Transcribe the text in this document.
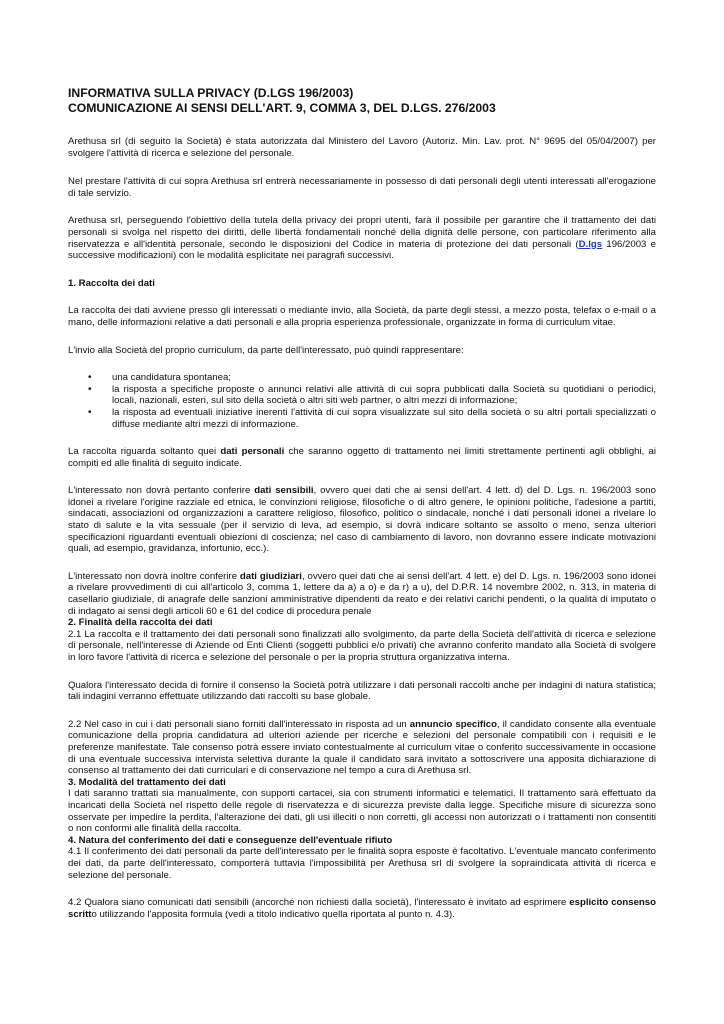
INFORMATIVA SULLA PRIVACY (D.LGS 196/2003)
COMUNICAZIONE AI SENSI DELL'ART. 9, COMMA 3, DEL D.LGS. 276/2003

Arethusa srl (di seguito la Società) è stata autorizzata dal Ministero del Lavoro (Autoriz. Min. Lav. prot. N° 9695 del 05/04/2007) per svolgere l'attività di ricerca e selezione del personale.

Nel prestare l'attività di cui sopra Arethusa srl entrerà necessariamente in possesso di dati personali degli utenti interessati all'erogazione di tale servizio.

Arethusa srl, perseguendo l'obiettivo della tutela della privacy dei propri utenti, farà il possibile per garantire che il trattamento dei dati personali si svolga nel rispetto dei diritti, delle libertà fondamentali nonché della dignità delle persone, con particolare riferimento alla riservatezza e all'identità personale, secondo le disposizioni del Codice in materia di protezione dei dati personali (D.lgs 196/2003 e successive modificazioni) con le modalità esplicitate nei paragrafi successivi.

1. Raccolta dei dati

La raccolta dei dati avviene presso gli interessati o mediante invio, alla Società, da parte degli stessi, a mezzo posta, telefax o e-mail o a mano, delle informazioni relative a dati personali e alla propria esperienza professionale, organizzate in forma di curriculum vitae.

L'invio alla Società del proprio curriculum, da parte dell'interessato, può quindi rappresentare:

• una candidatura spontanea;
• la risposta a specifiche proposte o annunci relativi alle attività di cui sopra pubblicati dalla Società su quotidiani o periodici, locali, nazionali, esteri, sul sito della società o altri siti web partner, o altri mezzi di informazione;
• la risposta ad eventuali iniziative inerenti l'attività di cui sopra visualizzate sul sito della società o su altri portali specializzati o diffuse mediante altri mezzi di informazione.

La raccolta riguarda soltanto quei dati personali che saranno oggetto di trattamento nei limiti strettamente pertinenti agli obblighi, ai compiti ed alle finalità di seguito indicate.

L'interessato non dovrà pertanto conferire dati sensibili, ovvero quei dati che ai sensi dell'art. 4 lett. d) del D. Lgs. n. 196/2003 sono idonei a rivelare l'origine razziale ed etnica, le convinzioni religiose, filosofiche o di altro genere, le opinioni politiche, l'adesione a partiti, sindacati, associazioni od organizzazioni a carattere religioso, filosofico, politico o sindacale, nonché i dati personali idonei a rivelare lo stato di salute e la vita sessuale (per il servizio di leva, ad esempio, si dovrà indicare soltanto se assolto o meno, senza ulteriori specificazioni riguardanti eventuali obiezioni di coscienza; nel caso di cambiamento di lavoro, non dovranno essere indicate motivazioni quali, ad esempio, gravidanza, infortunio, ecc.).

L'interessato non dovrà inoltre conferire dati giudiziari, ovvero quei dati che ai sensi dell'art. 4 lett. e) del D. Lgs. n. 196/2003 sono idonei a rivelare provvedimenti di cui all'articolo 3, comma 1, lettere da a) a o) e da r) a u), del D.P.R. 14 novembre 2002, n. 313, in materia di casellario giudiziale, di anagrafe delle sanzioni amministrative dipendenti da reato e dei relativi carichi pendenti, o la qualità di imputato o di indagato ai sensi degli articoli 60 e 61 del codice di procedura penale

2. Finalità della raccolta dei dati

2.1 La raccolta e il trattamento dei dati personali sono finalizzati allo svolgimento, da parte della Società dell'attività di ricerca e selezione di personale, nell'interesse di Aziende od Enti Clienti (soggetti pubblici e/o privati) che avranno conferito mandato alla Società di svolgere in loro favore l'attività di ricerca e selezione del personale o per la propria struttura organizzativa interna.

Qualora l'interessato decida di fornire il consenso la Società potrà utilizzare i dati personali raccolti anche per indagini di natura statistica; tali indagini verranno effettuate utilizzando dati raccolti su base globale.

2.2 Nel caso in cui i dati personali siano forniti dall'interessato in risposta ad un annuncio specifico, il candidato consente alla eventuale comunicazione della propria candidatura ad ulteriori aziende per ricerche e selezioni del personale compatibili con i requisiti e le preferenze manifestate. Tale consenso potrà essere inviato contestualmente al curriculum vitae o conferito successivamente in occasione di una eventuale successiva intervista selettiva durante la quale il candidato sarà invitato a sottoscrivere una apposita dichiarazione di consenso al trattamento dei dati curriculari e di conservazione nel tempo a cura di Arethusa srl.

3. Modalità del trattamento dei dati

I dati saranno trattati sia manualmente, con supporti cartacei, sia con strumenti informatici e telematici. Il trattamento sarà effettuato da incaricati della Società nel rispetto delle regole di riservatezza e di sicurezza previste dalla legge. Specifiche misure di sicurezza sono osservate per impedire la perdita, l'alterazione dei dati, gli usi illeciti o non corretti, gli accessi non autorizzati o i trattamenti non consentiti o non conformi alle finalità della raccolta.

4. Natura del conferimento dei dati e conseguenze dell'eventuale rifiuto

4.1 Il conferimento dei dati personali da parte dell'interessato per le finalità sopra esposte è facoltativo. L'eventuale mancato conferimento dei dati, da parte dell'interessato, comporterà tuttavia l'impossibilità per Arethusa srl di svolgere la sopraindicata attività di ricerca e selezione del personale.

4.2 Qualora siano comunicati dati sensibili (ancorché non richiesti dalla società), l'interessato è invitato ad esprimere esplicito consenso scritto utilizzando l'apposita formula (vedi a titolo indicativo quella riportata al punto n. 4.3).
